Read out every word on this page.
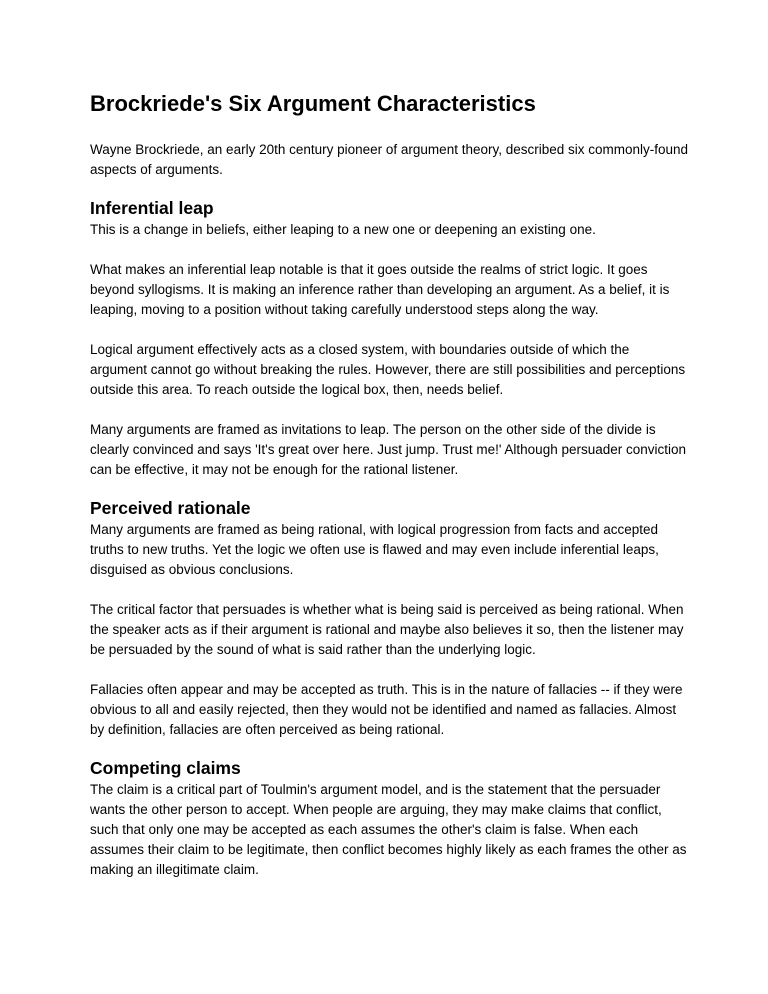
Brockriede's Six Argument Characteristics

Wayne Brockriede, an early 20th century pioneer of argument theory, described six commonly-found aspects of arguments.

Inferential leap

This is a change in beliefs, either leaping to a new one or deepening an existing one.

What makes an inferential leap notable is that it goes outside the realms of strict logic. It goes beyond syllogisms. It is making an inference rather than developing an argument. As a belief, it is leaping, moving to a position without taking carefully understood steps along the way.

Logical argument effectively acts as a closed system, with boundaries outside of which the argument cannot go without breaking the rules. However, there are still possibilities and perceptions outside this area. To reach outside the logical box, then, needs belief.

Many arguments are framed as invitations to leap. The person on the other side of the divide is clearly convinced and says 'It's great over here. Just jump. Trust me!' Although persuader conviction can be effective, it may not be enough for the rational listener.

Perceived rationale

Many arguments are framed as being rational, with logical progression from facts and accepted truths to new truths. Yet the logic we often use is flawed and may even include inferential leaps, disguised as obvious conclusions.

The critical factor that persuades is whether what is being said is perceived as being rational. When the speaker acts as if their argument is rational and maybe also believes it so, then the listener may be persuaded by the sound of what is said rather than the underlying logic.

Fallacies often appear and may be accepted as truth. This is in the nature of fallacies -- if they were obvious to all and easily rejected, then they would not be identified and named as fallacies. Almost by definition, fallacies are often perceived as being rational.

Competing claims

The claim is a critical part of Toulmin's argument model, and is the statement that the persuader wants the other person to accept. When people are arguing, they may make claims that conflict, such that only one may be accepted as each assumes the other's claim is false. When each assumes their claim to be legitimate, then conflict becomes highly likely as each frames the other as making an illegitimate claim.
